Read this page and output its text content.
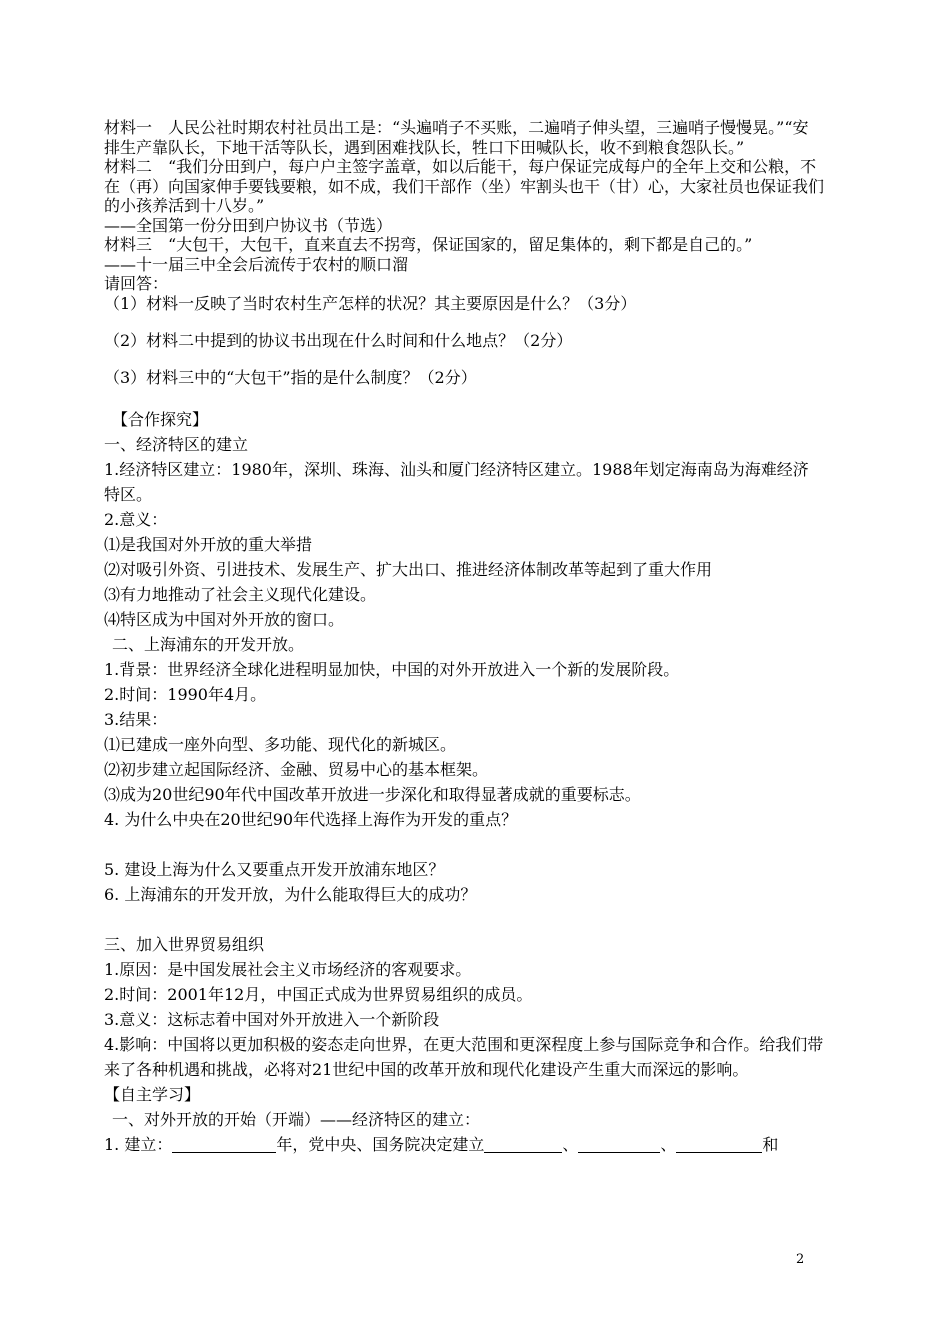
材料一　人民公社时期农村社员出工是：“头遍哨子不买账，二遍哨子伸头望，三遍哨子慢慢晃。”“安排生产靠队长，下地干活等队长，遇到困难找队长，牲口下田喊队长，收不到粮食怨队长。”

材料二　“我们分田到户，每户户主签字盖章，如以后能干，每户保证完成每户的全年上交和公粮，不在（再）向国家伸手要钱要粮，如不成，我们干部作（坐）牢割头也干（甘）心，大家社员也保证我们的小孩养活到十八岁。”

——全国第一份分田到户协议书（节选）

材料三　“大包干，大包干，直来直去不拐弯，保证国家的，留足集体的，剩下都是自己的。”

——十一届三中全会后流传于农村的顺口溜

请回答：

（1）材料一反映了当时农村生产怎样的状况？其主要原因是什么？（3分）

（2）材料二中提到的协议书出现在什么时间和什么地点？（2分）

（3）材料三中的“大包干”指的是什么制度？（2分）

【合作探究】

一、经济特区的建立

1.经济特区建立：1980年，深圳、珠海、汕头和厦门经济特区建立。1988年划定海南岛为海难经济特区。

2.意义：

⑴是我国对外开放的重大举措

⑵对吸引外资、引进技术、发展生产、扩大出口、推进经济体制改革等起到了重大作用

⑶有力地推动了社会主义现代化建设。

⑷特区成为中国对外开放的窗口。

二、上海浦东的开发开放。

1.背景：世界经济全球化进程明显加快，中国的对外开放进入一个新的发展阶段。

2.时间：1990年4月。

3.结果：

⑴已建成一座外向型、多功能、现代化的新城区。

⑵初步建立起国际经济、金融、贸易中心的基本框架。

⑶成为20世纪90年代中国改革开放进一步深化和取得显著成就的重要标志。

4. 为什么中央在20世纪90年代选择上海作为开发的重点？

5. 建设上海为什么又要重点开发开放浦东地区？

6. 上海浦东的开发开放，为什么能取得巨大的成功？

三、加入世界贸易组织

1.原因：是中国发展社会主义市场经济的客观要求。

2.时间：2001年12月，中国正式成为世界贸易组织的成员。

3.意义：这标志着中国对外开放进入一个新阶段

4.影响：中国将以更加积极的姿态走向世界，在更大范围和更深程度上参与国际竞争和合作。给我们带来了各种机遇和挑战，必将对21世纪中国的改革开放和现代化建设产生重大而深远的影响。

【自主学习】

一、对外开放的开始（开端）——经济特区的建立：

1. 建立：	年，党中央、国务院决定建立	、	、	和

2
